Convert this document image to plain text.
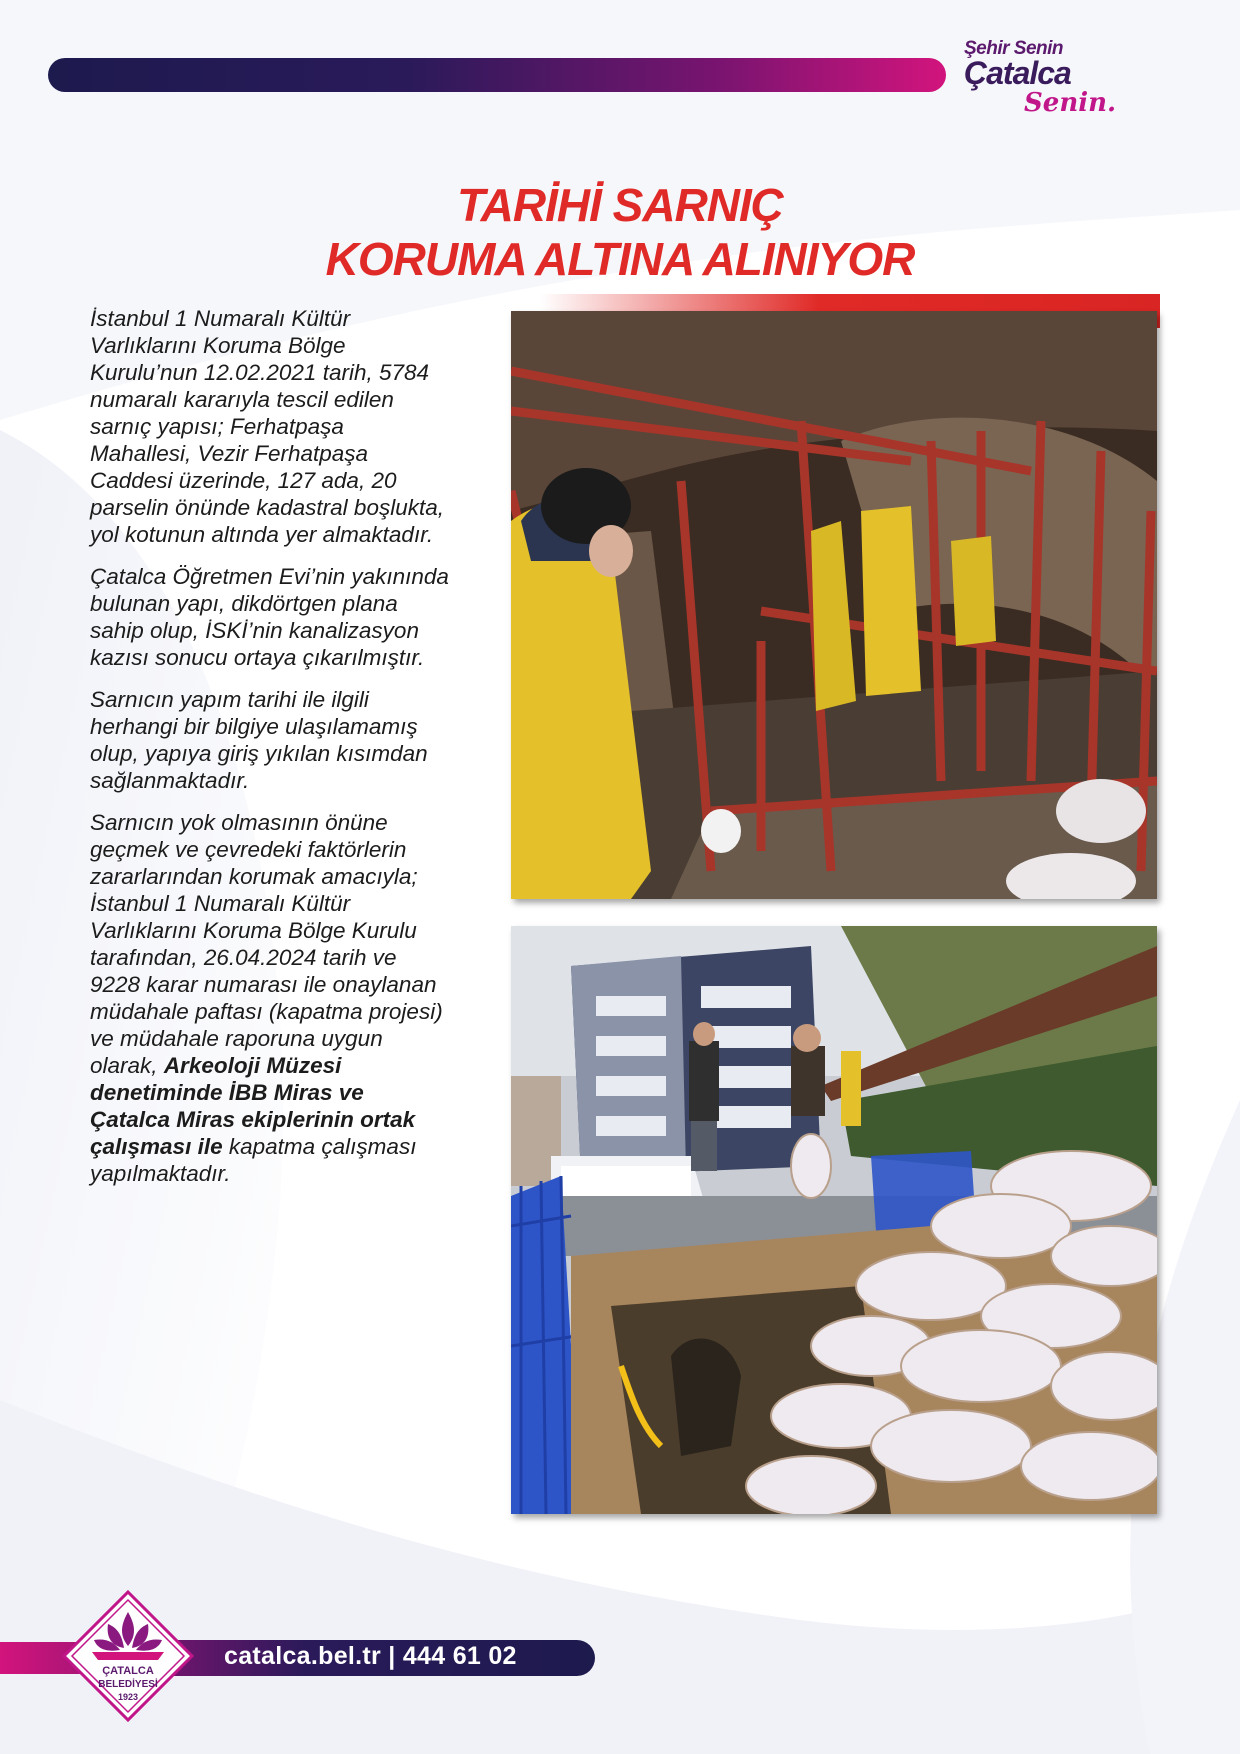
Şehir Senin
Çatalca
Senin.
TARİHİ SARNIÇ
KORUMA ALTINA ALINIYOR

İstanbul 1 Numaralı Kültür Varlıklarını Koruma Bölge Kurulu’nun 12.02.2021 tarih, 5784 numaralı kararıyla tescil edilen sarnıç yapısı; Ferhatpaşa Mahallesi, Vezir Ferhatpaşa Caddesi üzerinde, 127 ada, 20 parselin önünde kadastral boşlukta, yol kotunun altında yer almaktadır.

Çatalca Öğretmen Evi’nin yakınında bulunan yapı, dikdörtgen plana sahip olup, İSKİ’nin kanalizasyon kazısı sonucu ortaya çıkarılmıştır.

Sarnıcın yapım tarihi ile ilgili herhangi bir bilgiye ulaşılamamış olup, yapıya giriş yıkılan kısımdan sağlanmaktadır.

Sarnıcın yok olmasının önüne geçmek ve çevredeki faktörlerin zararlarından korumak amacıyla; İstanbul 1 Numaralı Kültür Varlıklarını Koruma Bölge Kurulu tarafından, 26.04.2024 tarih ve 9228 karar numarası ile onaylanan müdahale paftası (kapatma projesi) ve müdahale raporuna uygun olarak, Arkeoloji Müzesi denetiminde İBB Miras ve Çatalca Miras ekiplerinin ortak çalışması ile kapatma çalışması yapılmaktadır.

catalca.bel.tr | 444 61 02
ÇATALCA
BELEDİYESİ
1923
